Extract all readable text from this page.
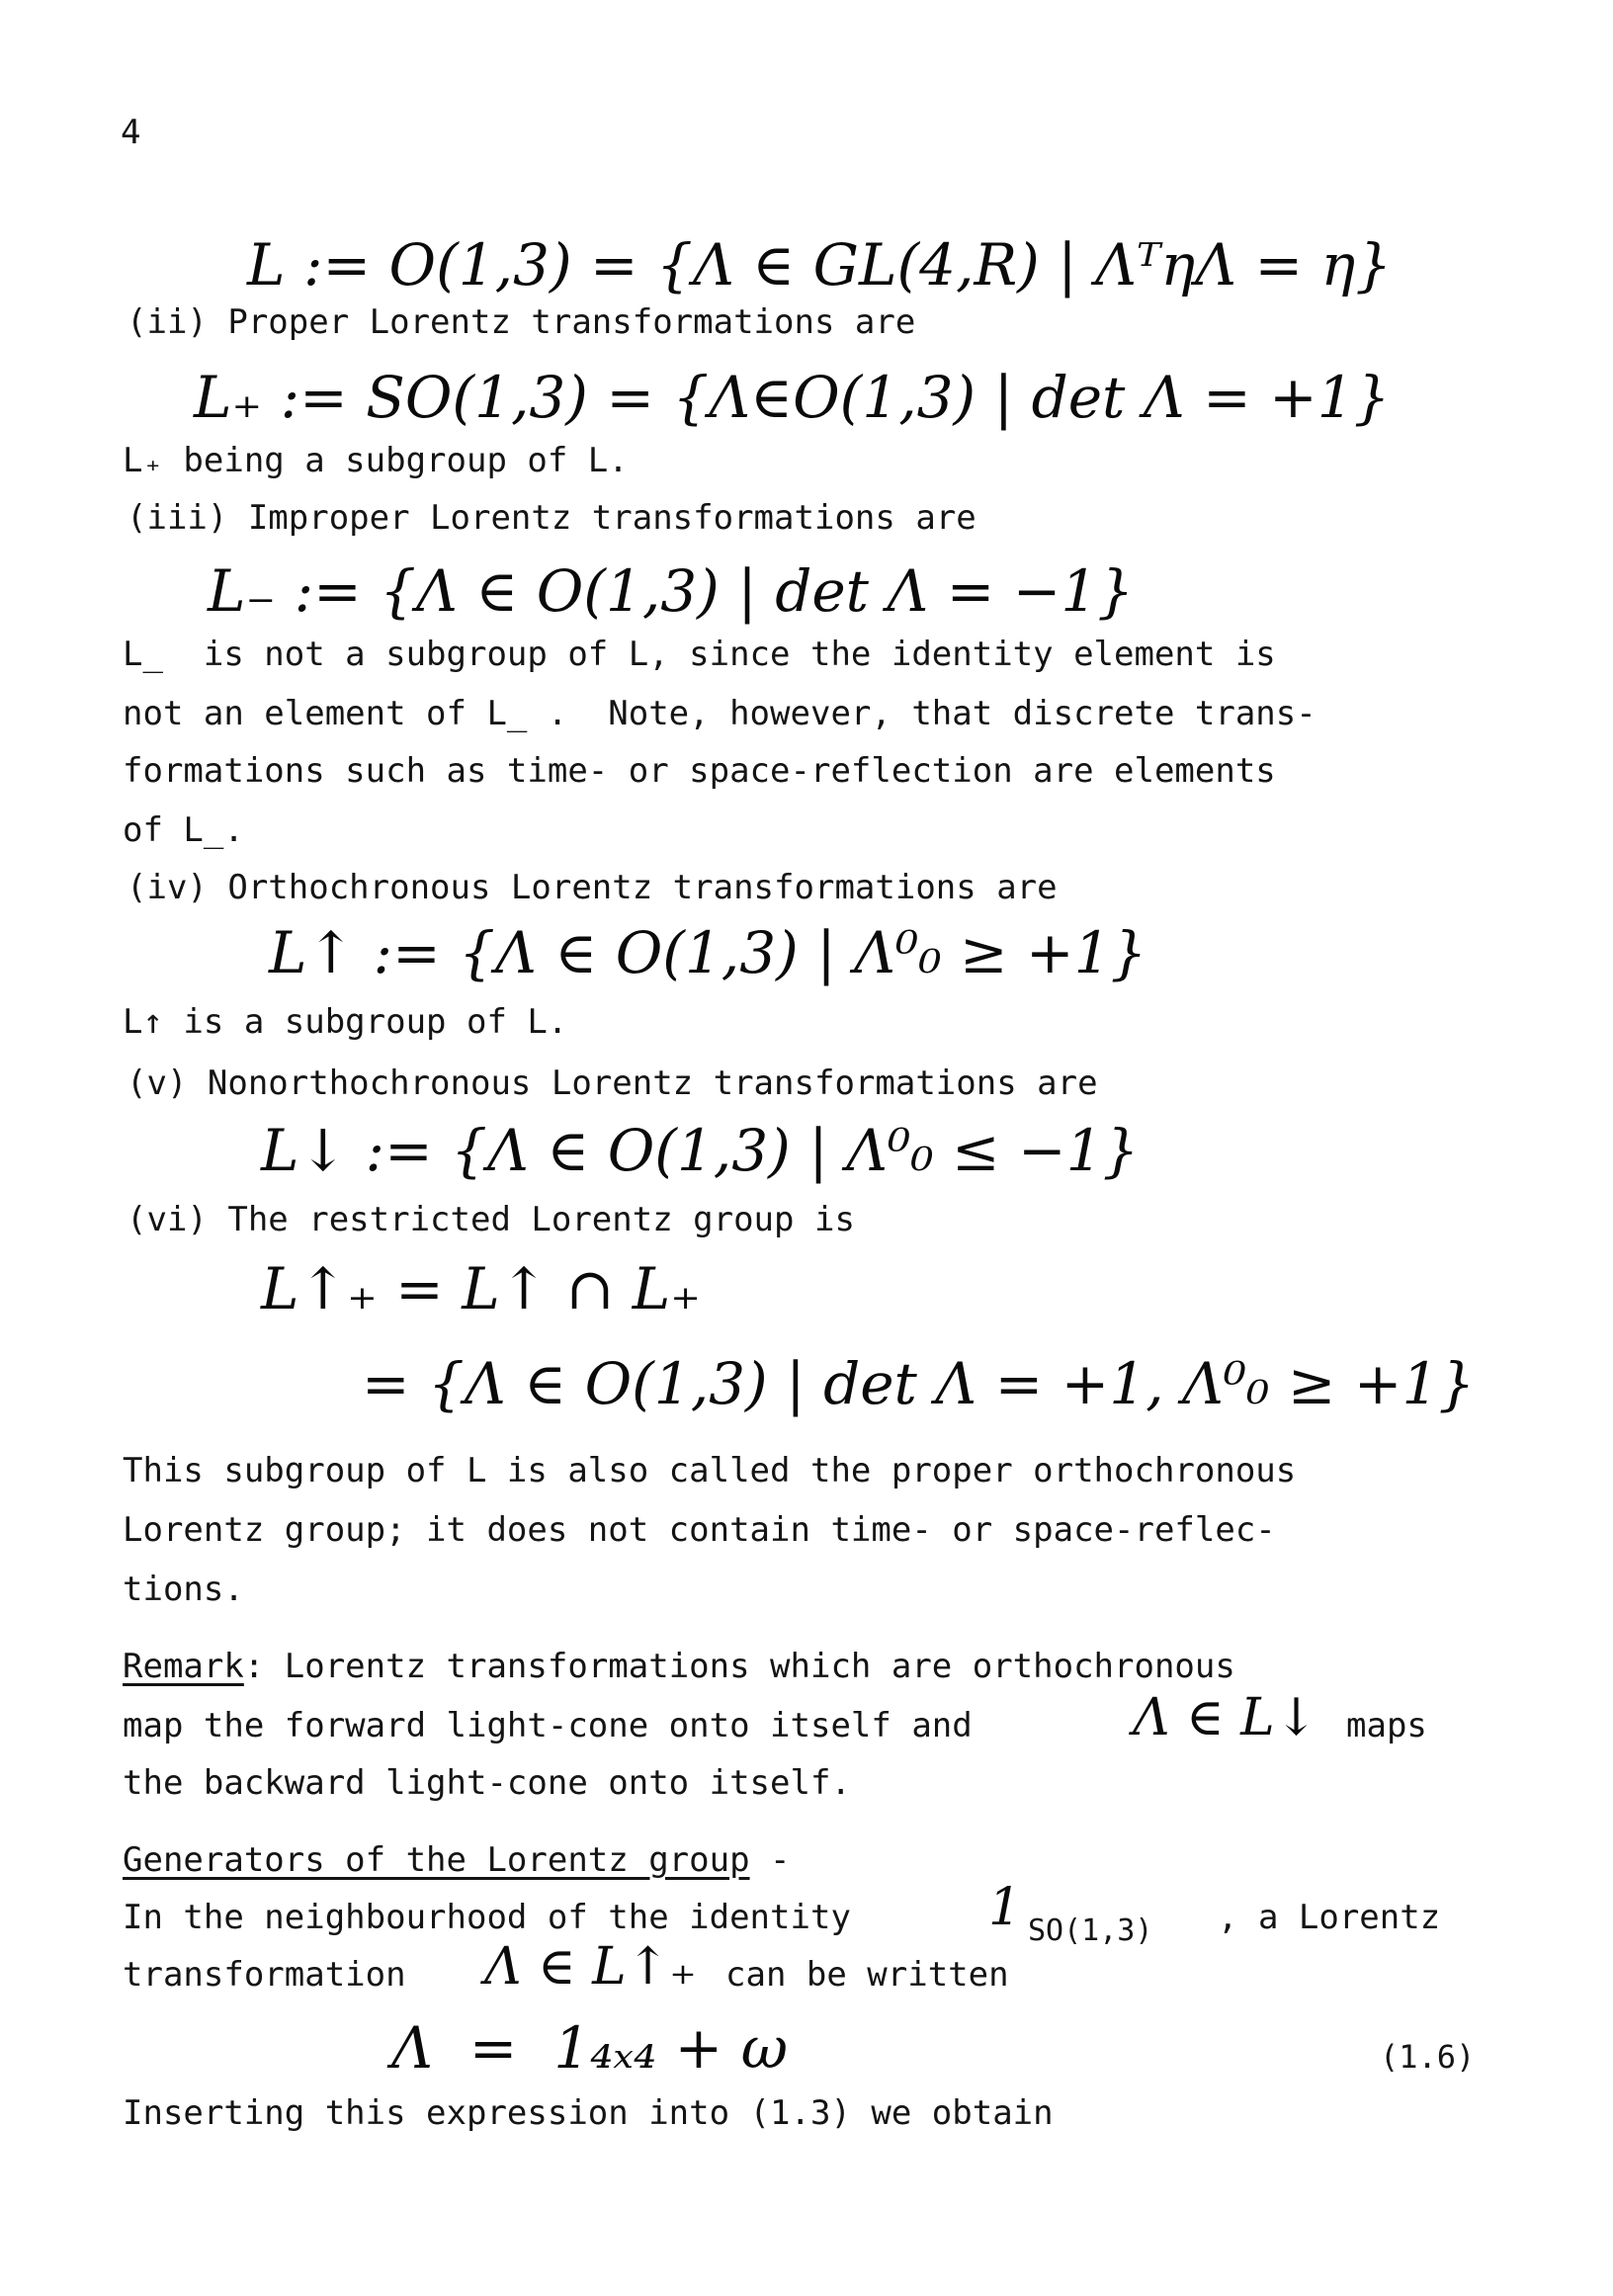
4
L := O(1,3) = {Λ ∈ GL(4,R) | ΛᵀηΛ = η}
(ii) Proper Lorentz transformations are
L₊ := SO(1,3) = {Λ∈O(1,3) | det Λ = +1}
L₊ being a subgroup of L.
(iii) Improper Lorentz transformations are
L₋ := {Λ ∈ O(1,3) | det Λ = −1}
L_  is not a subgroup of L, since the identity element is
not an element of L_ .  Note, however, that discrete trans-
formations such as time- or space-reflection are elements
of L_.
(iv) Orthochronous Lorentz transformations are
L↑ := {Λ ∈ O(1,3) | Λ⁰₀ ≥ +1}
L↑ is a subgroup of L.
(v) Nonorthochronous Lorentz transformations are
L↓ := {Λ ∈ O(1,3) | Λ⁰₀ ≤ −1}
(vi) The restricted Lorentz group is
L↑₊ = L↑ ∩ L₊
= {Λ ∈ O(1,3) | det Λ = +1, Λ⁰₀ ≥ +1}
This subgroup of L is also called the proper orthochronous
Lorentz group; it does not contain time- or space-reflec-
tions.
Remark: Lorentz transformations which are orthochronous
map the forward light-cone onto itself and	Λ ∈ L↓ maps
the backward light-cone onto itself.
Generators of the Lorentz group -
In the neighbourhood of the identity	1 SO(1,3) , a Lorentz
transformation Λ ∈ L↑₊ can be written
Λ  =  1₄ₓ₄ + ω	(1.6)
Inserting this expression into (1.3) we obtain
